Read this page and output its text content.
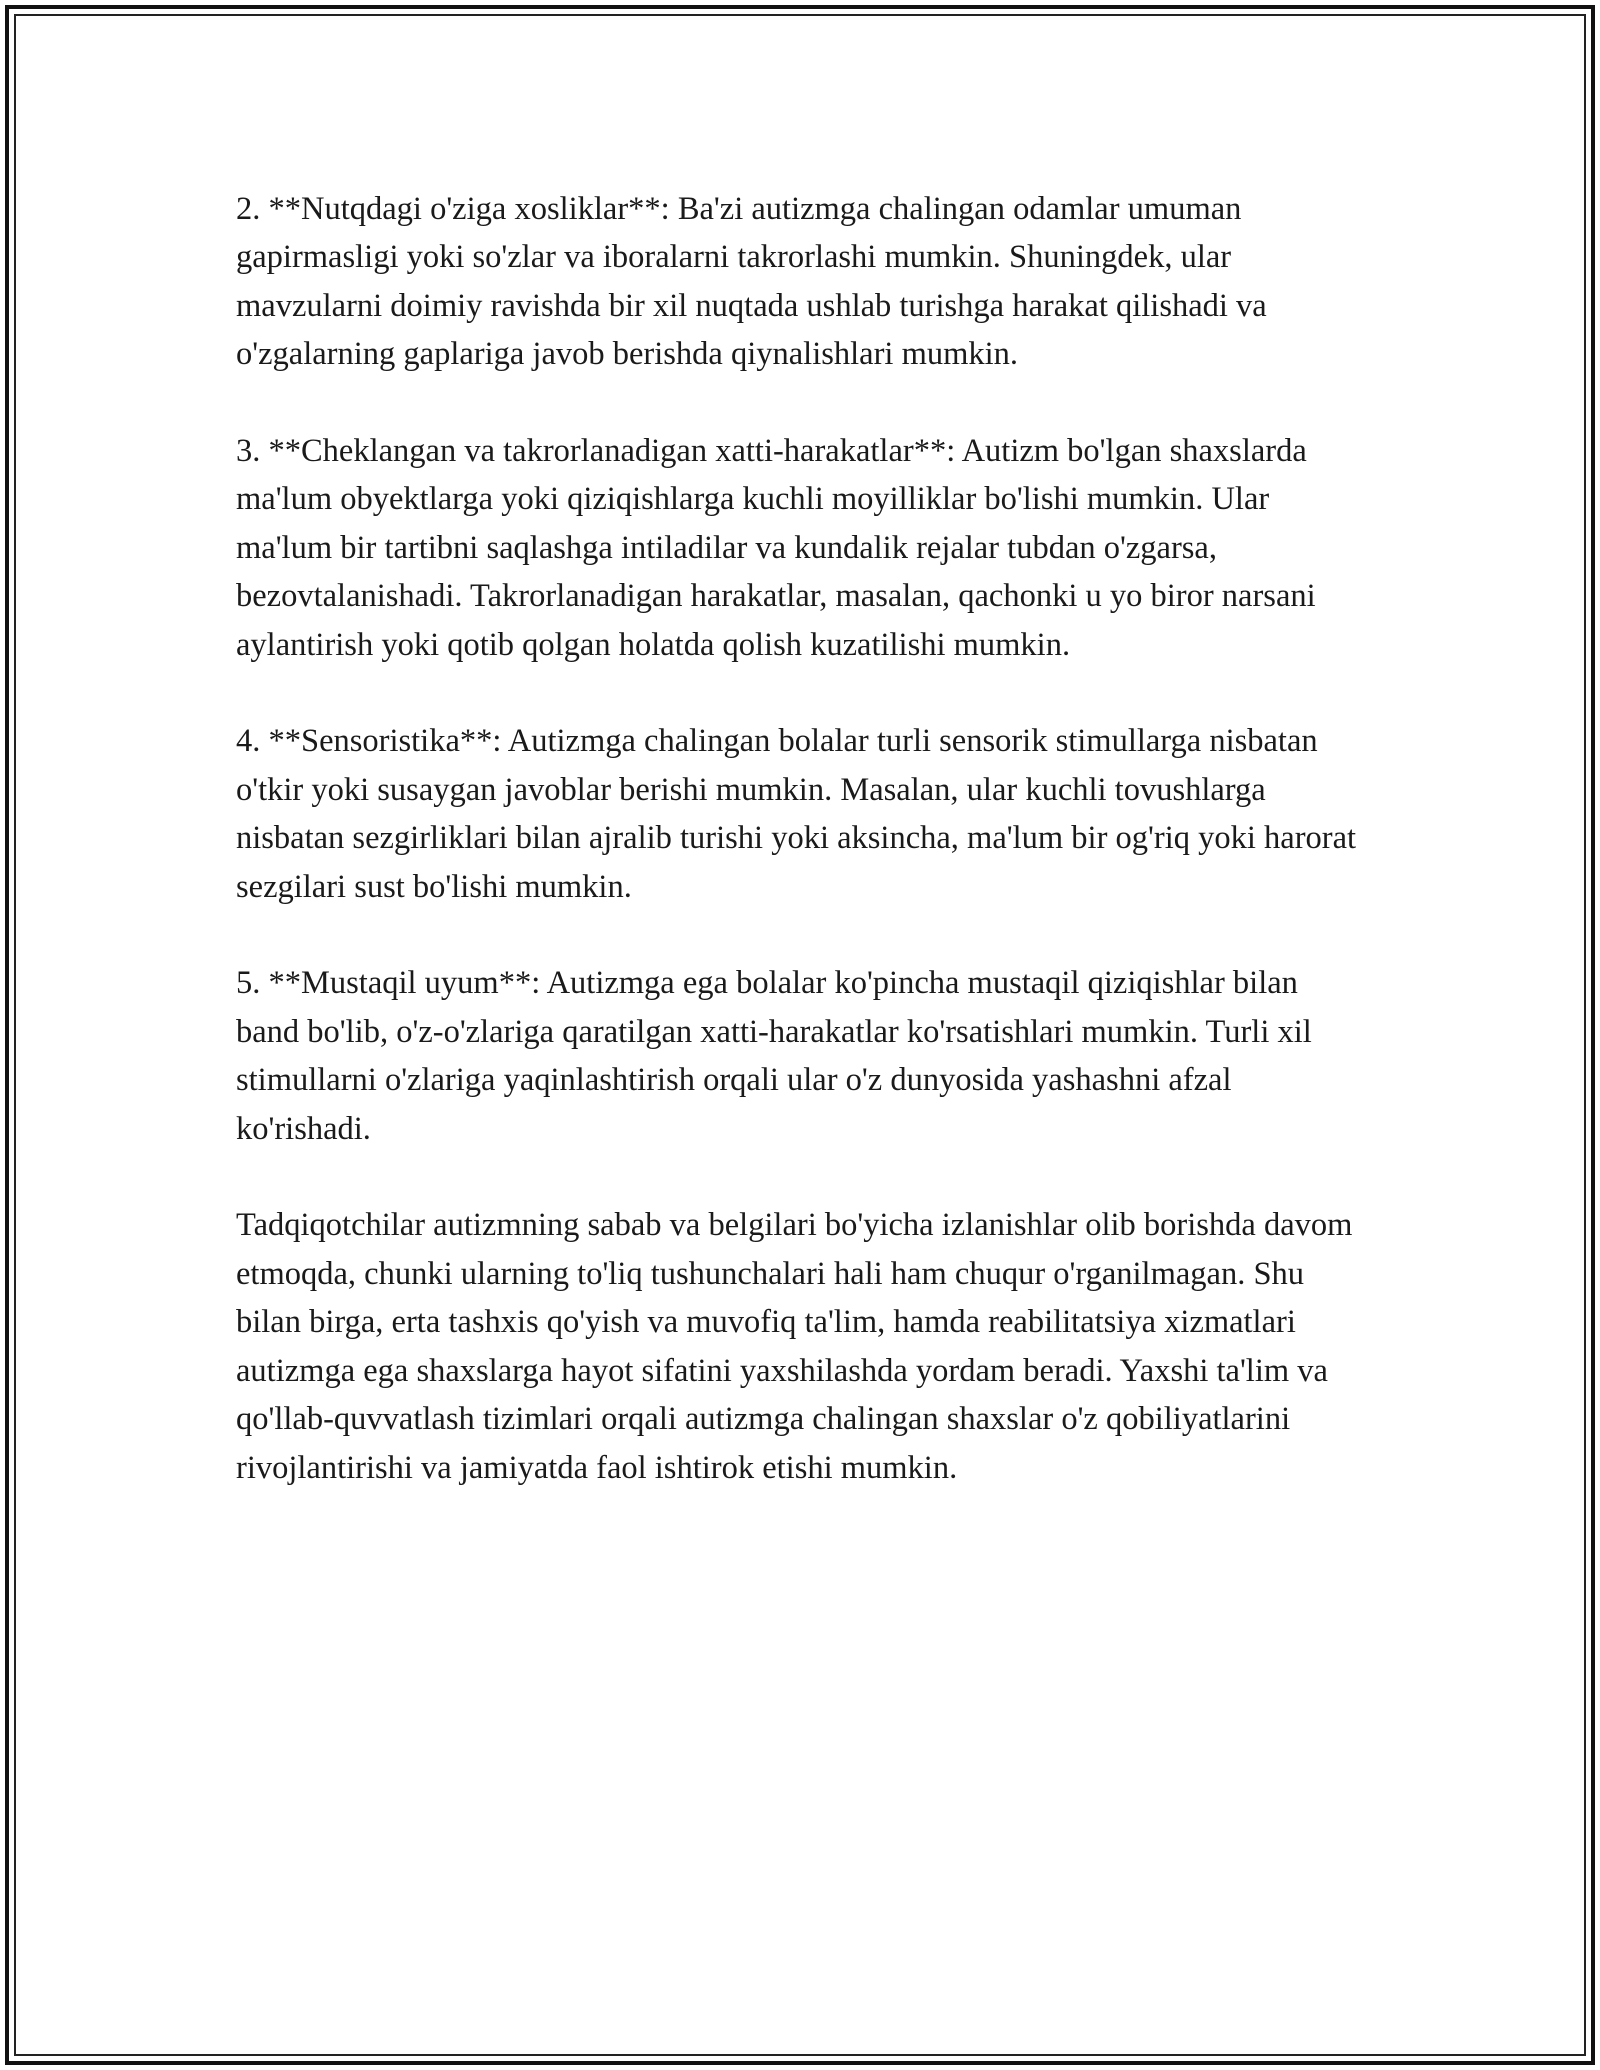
2. **Nutqdagi o'ziga xosliklar**: Ba'zi autizmga chalingan odamlar umuman gapirmasligi yoki so'zlar va iboralarni takrorlashi mumkin. Shuningdek, ular mavzularni doimiy ravishda bir xil nuqtada ushlab turishga harakat qilishadi va o'zgalarning gaplariga javob berishda qiynalishlari mumkin.

3. **Cheklangan va takrorlanadigan xatti-harakatlar**: Autizm bo'lgan shaxslarda ma'lum obyektlarga yoki qiziqishlarga kuchli moyilliklar bo'lishi mumkin. Ular ma'lum bir tartibni saqlashga intiladilar va kundalik rejalar tubdan o'zgarsa, bezovtalanishadi. Takrorlanadigan harakatlar, masalan, qachonki u yo biror narsani aylantirish yoki qotib qolgan holatda qolish kuzatilishi mumkin.

4. **Sensoristika**: Autizmga chalingan bolalar turli sensorik stimullarga nisbatan o'tkir yoki susaygan javoblar berishi mumkin. Masalan, ular kuchli tovushlarga nisbatan sezgirliklari bilan ajralib turishi yoki aksincha, ma'lum bir og'riq yoki harorat sezgilari sust bo'lishi mumkin.

5. **Mustaqil uyum**: Autizmga ega bolalar ko'pincha mustaqil qiziqishlar bilan band bo'lib, o'z-o'zlariga qaratilgan xatti-harakatlar ko'rsatishlari mumkin. Turli xil stimullarni o'zlariga yaqinlashtirish orqali ular o'z dunyosida yashashni afzal ko'rishadi.

Tadqiqotchilar autizmning sabab va belgilari bo'yicha izlanishlar olib borishda davom etmoqda, chunki ularning to'liq tushunchalari hali ham chuqur o'rganilmagan. Shu bilan birga, erta tashxis qo'yish va muvofiq ta'lim, hamda reabilitatsiya xizmatlari autizmga ega shaxslarga hayot sifatini yaxshilashda yordam beradi. Yaxshi ta'lim va qo'llab-quvvatlash tizimlari orqali autizmga chalingan shaxslar o'z qobiliyatlarini rivojlantirishi va jamiyatda faol ishtirok etishi mumkin.
